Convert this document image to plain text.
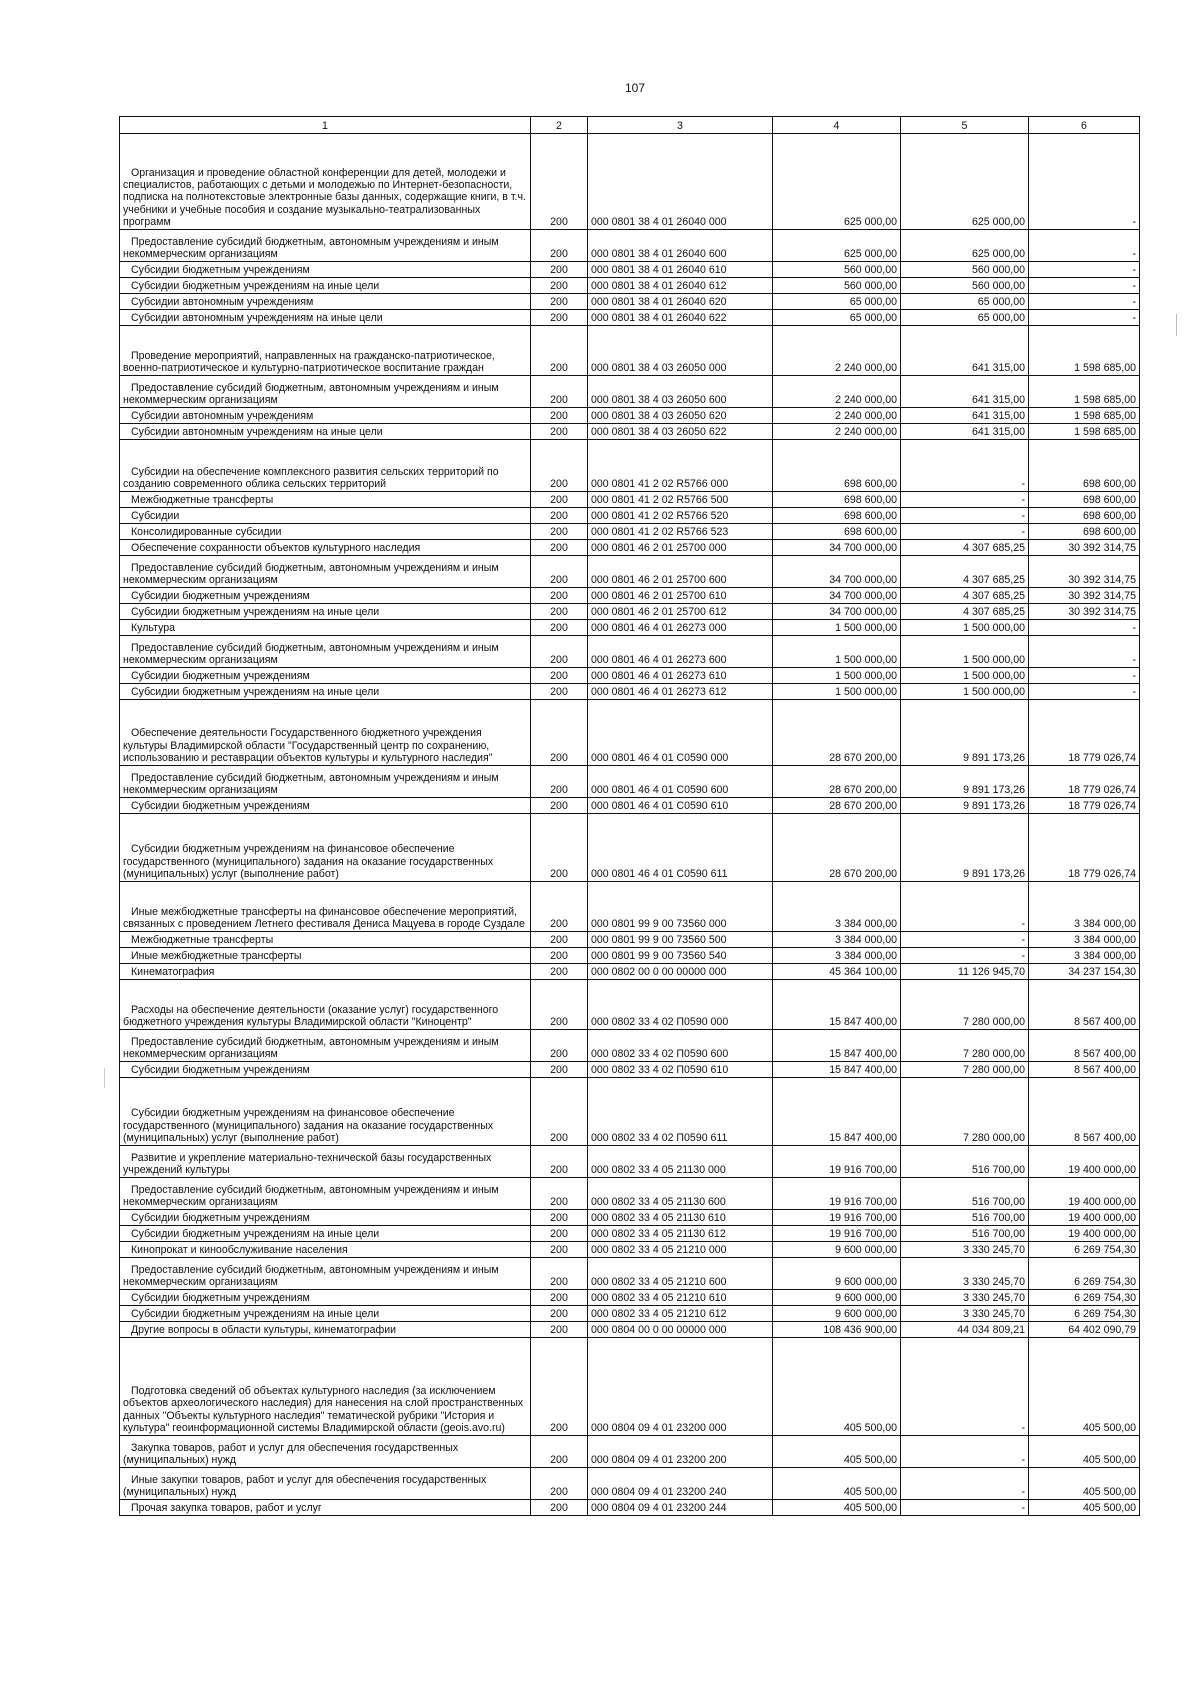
107
1	2	3	4	5	6
Организация и проведение областной конференции для детей, молодежи и специалистов, работающих с детьми и молодежью по Интернет-безопасности, подписка на полнотекстовые электронные базы данных, содержащие книги, в т.ч. учебники и учебные пособия и создание музыкально-театрализованных программ	200	000 0801 38 4 01 26040 000	625 000,00	625 000,00	-
Предоставление субсидий бюджетным, автономным учреждениям и иным некоммерческим организациям	200	000 0801 38 4 01 26040 600	625 000,00	625 000,00	-
Субсидии бюджетным учреждениям	200	000 0801 38 4 01 26040 610	560 000,00	560 000,00	-
Субсидии бюджетным учреждениям на иные цели	200	000 0801 38 4 01 26040 612	560 000,00	560 000,00	-
Субсидии автономным учреждениям	200	000 0801 38 4 01 26040 620	65 000,00	65 000,00	-
Субсидии автономным учреждениям на иные цели	200	000 0801 38 4 01 26040 622	65 000,00	65 000,00	-
Проведение мероприятий, направленных на гражданско-патриотическое, военно-патриотическое и культурно-патриотическое воспитание граждан	200	000 0801 38 4 03 26050 000	2 240 000,00	641 315,00	1 598 685,00
Предоставление субсидий бюджетным, автономным учреждениям и иным некоммерческим организациям	200	000 0801 38 4 03 26050 600	2 240 000,00	641 315,00	1 598 685,00
Субсидии автономным учреждениям	200	000 0801 38 4 03 26050 620	2 240 000,00	641 315,00	1 598 685,00
Субсидии автономным учреждениям на иные цели	200	000 0801 38 4 03 26050 622	2 240 000,00	641 315,00	1 598 685,00
Субсидии на обеспечение комплексного развития сельских территорий по созданию современного облика сельских территорий	200	000 0801 41 2 02 R5766 000	698 600,00	-	698 600,00
Межбюджетные трансферты	200	000 0801 41 2 02 R5766 500	698 600,00	-	698 600,00
Субсидии	200	000 0801 41 2 02 R5766 520	698 600,00	-	698 600,00
Консолидированные субсидии	200	000 0801 41 2 02 R5766 523	698 600,00	-	698 600,00
Обеспечение сохранности объектов культурного наследия	200	000 0801 46 2 01 25700 000	34 700 000,00	4 307 685,25	30 392 314,75
Предоставление субсидий бюджетным, автономным учреждениям и иным некоммерческим организациям	200	000 0801 46 2 01 25700 600	34 700 000,00	4 307 685,25	30 392 314,75
Субсидии бюджетным учреждениям	200	000 0801 46 2 01 25700 610	34 700 000,00	4 307 685,25	30 392 314,75
Субсидии бюджетным учреждениям на иные цели	200	000 0801 46 2 01 25700 612	34 700 000,00	4 307 685,25	30 392 314,75
Культура	200	000 0801 46 4 01 26273 000	1 500 000,00	1 500 000,00	-
Предоставление субсидий бюджетным, автономным учреждениям и иным некоммерческим организациям	200	000 0801 46 4 01 26273 600	1 500 000,00	1 500 000,00	-
Субсидии бюджетным учреждениям	200	000 0801 46 4 01 26273 610	1 500 000,00	1 500 000,00	-
Субсидии бюджетным учреждениям на иные цели	200	000 0801 46 4 01 26273 612	1 500 000,00	1 500 000,00	-
Обеспечение деятельности Государственного бюджетного учреждения культуры Владимирской области "Государственный центр по сохранению, использованию и реставрации объектов культуры и культурного наследия"	200	000 0801 46 4 01 С0590 000	28 670 200,00	9 891 173,26	18 779 026,74
Предоставление субсидий бюджетным, автономным учреждениям и иным некоммерческим организациям	200	000 0801 46 4 01 С0590 600	28 670 200,00	9 891 173,26	18 779 026,74
Субсидии бюджетным учреждениям	200	000 0801 46 4 01 С0590 610	28 670 200,00	9 891 173,26	18 779 026,74
Субсидии бюджетным учреждениям на финансовое обеспечение государственного (муниципального) задания на оказание государственных (муниципальных) услуг (выполнение работ)	200	000 0801 46 4 01 С0590 611	28 670 200,00	9 891 173,26	18 779 026,74
Иные межбюджетные трансферты на финансовое обеспечение мероприятий, связанных с проведением Летнего фестиваля Дениса Мацуева в городе Суздале	200	000 0801 99 9 00 73560 000	3 384 000,00	-	3 384 000,00
Межбюджетные трансферты	200	000 0801 99 9 00 73560 500	3 384 000,00	-	3 384 000,00
Иные межбюджетные трансферты	200	000 0801 99 9 00 73560 540	3 384 000,00	-	3 384 000,00
Кинематография	200	000 0802 00 0 00 00000 000	45 364 100,00	11 126 945,70	34 237 154,30
Расходы на обеспечение деятельности (оказание услуг) государственного бюджетного учреждения культуры Владимирской области "Киноцентр"	200	000 0802 33 4 02 П0590 000	15 847 400,00	7 280 000,00	8 567 400,00
Предоставление субсидий бюджетным, автономным учреждениям и иным некоммерческим организациям	200	000 0802 33 4 02 П0590 600	15 847 400,00	7 280 000,00	8 567 400,00
Субсидии бюджетным учреждениям	200	000 0802 33 4 02 П0590 610	15 847 400,00	7 280 000,00	8 567 400,00
Субсидии бюджетным учреждениям на финансовое обеспечение государственного (муниципального) задания на оказание государственных (муниципальных) услуг (выполнение работ)	200	000 0802 33 4 02 П0590 611	15 847 400,00	7 280 000,00	8 567 400,00
Развитие и укрепление материально-технической базы государственных учреждений культуры	200	000 0802 33 4 05 21130 000	19 916 700,00	516 700,00	19 400 000,00
Предоставление субсидий бюджетным, автономным учреждениям и иным некоммерческим организациям	200	000 0802 33 4 05 21130 600	19 916 700,00	516 700,00	19 400 000,00
Субсидии бюджетным учреждениям	200	000 0802 33 4 05 21130 610	19 916 700,00	516 700,00	19 400 000,00
Субсидии бюджетным учреждениям на иные цели	200	000 0802 33 4 05 21130 612	19 916 700,00	516 700,00	19 400 000,00
Кинопрокат и кинообслуживание населения	200	000 0802 33 4 05 21210 000	9 600 000,00	3 330 245,70	6 269 754,30
Предоставление субсидий бюджетным, автономным учреждениям и иным некоммерческим организациям	200	000 0802 33 4 05 21210 600	9 600 000,00	3 330 245,70	6 269 754,30
Субсидии бюджетным учреждениям	200	000 0802 33 4 05 21210 610	9 600 000,00	3 330 245,70	6 269 754,30
Субсидии бюджетным учреждениям на иные цели	200	000 0802 33 4 05 21210 612	9 600 000,00	3 330 245,70	6 269 754,30
Другие вопросы в области культуры, кинематографии	200	000 0804 00 0 00 00000 000	108 436 900,00	44 034 809,21	64 402 090,79
Подготовка сведений об объектах культурного наследия (за исключением объектов археологического наследия) для нанесения на слой пространственных данных "Объекты культурного наследия" тематической рубрики "История и культура" геоинформационной системы Владимирской области (geois.avo.ru)	200	000 0804 09 4 01 23200 000	405 500,00	-	405 500,00
Закупка товаров, работ и услуг для обеспечения государственных (муниципальных) нужд	200	000 0804 09 4 01 23200 200	405 500,00	-	405 500,00
Иные закупки товаров, работ и услуг для обеспечения государственных (муниципальных) нужд	200	000 0804 09 4 01 23200 240	405 500,00	-	405 500,00
Прочая закупка товаров, работ и услуг	200	000 0804 09 4 01 23200 244	405 500,00	-	405 500,00
